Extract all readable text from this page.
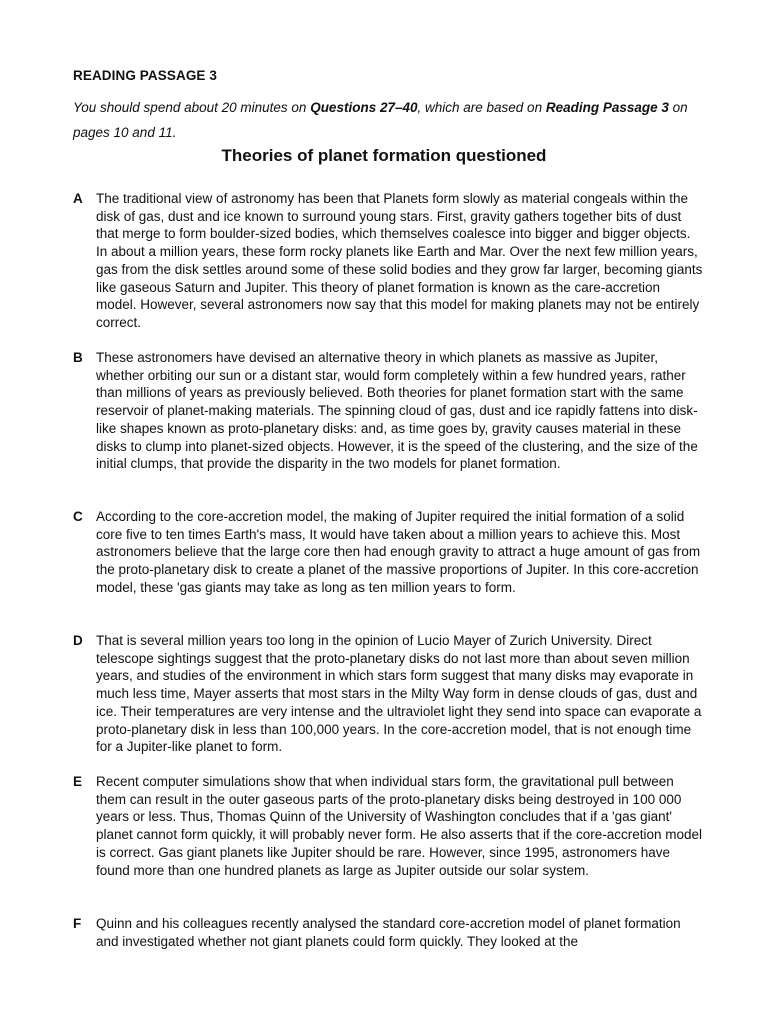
READING PASSAGE 3
You should spend about 20 minutes on Questions 27–40, which are based on Reading Passage 3 on pages 10 and 11.
Theories of planet formation questioned
A The traditional view of astronomy has been that Planets form slowly as material congeals within the disk of gas, dust and ice known to surround young stars. First, gravity gathers together bits of dust that merge to form boulder-sized bodies, which themselves coalesce into bigger and bigger objects. In about a million years, these form rocky planets like Earth and Mar. Over the next few million years, gas from the disk settles around some of these solid bodies and they grow far larger, becoming giants like gaseous Saturn and Jupiter. This theory of planet formation is known as the care-accretion model. However, several astronomers now say that this model for making planets may not be entirely correct.
B These astronomers have devised an alternative theory in which planets as massive as Jupiter, whether orbiting our sun or a distant star, would form completely within a few hundred years, rather than millions of years as previously believed. Both theories for planet formation start with the same reservoir of planet-making materials. The spinning cloud of gas, dust and ice rapidly fattens into disk-like shapes known as proto-planetary disks: and, as time goes by, gravity causes material in these disks to clump into planet-sized objects. However, it is the speed of the clustering, and the size of the initial clumps, that provide the disparity in the two models for planet formation.
C According to the core-accretion model, the making of Jupiter required the initial formation of a solid core five to ten times Earth's mass, It would have taken about a million years to achieve this. Most astronomers believe that the large core then had enough gravity to attract a huge amount of gas from the proto-planetary disk to create a planet of the massive proportions of Jupiter. In this core-accretion model, these 'gas giants may take as long as ten million years to form.
D That is several million years too long in the opinion of Lucio Mayer of Zurich University. Direct telescope sightings suggest that the proto-planetary disks do not last more than about seven million years, and studies of the environment in which stars form suggest that many disks may evaporate in much less time, Mayer asserts that most stars in the Milty Way form in dense clouds of gas, dust and ice. Their temperatures are very intense and the ultraviolet light they send into space can evaporate a proto-planetary disk in less than 100,000 years. In the core-accretion model, that is not enough time for a Jupiter-like planet to form.
E	Recent computer simulations show that when individual stars form, the gravitational pull between them can result in the outer gaseous parts of the proto-planetary disks being destroyed in 100 000 years or less. Thus, Thomas Quinn of the University of Washington concludes that if a 'gas giant' planet cannot form quickly, it will probably never form. He also asserts that if the core-accretion model is correct. Gas giant planets like Jupiter should be rare. However, since 1995, astronomers have found more than one hundred planets as large as Jupiter outside our solar system.
F	Quinn and his colleagues recently analysed the standard core-accretion model of planet formation and investigated whether not giant planets could form quickly. They looked at the
